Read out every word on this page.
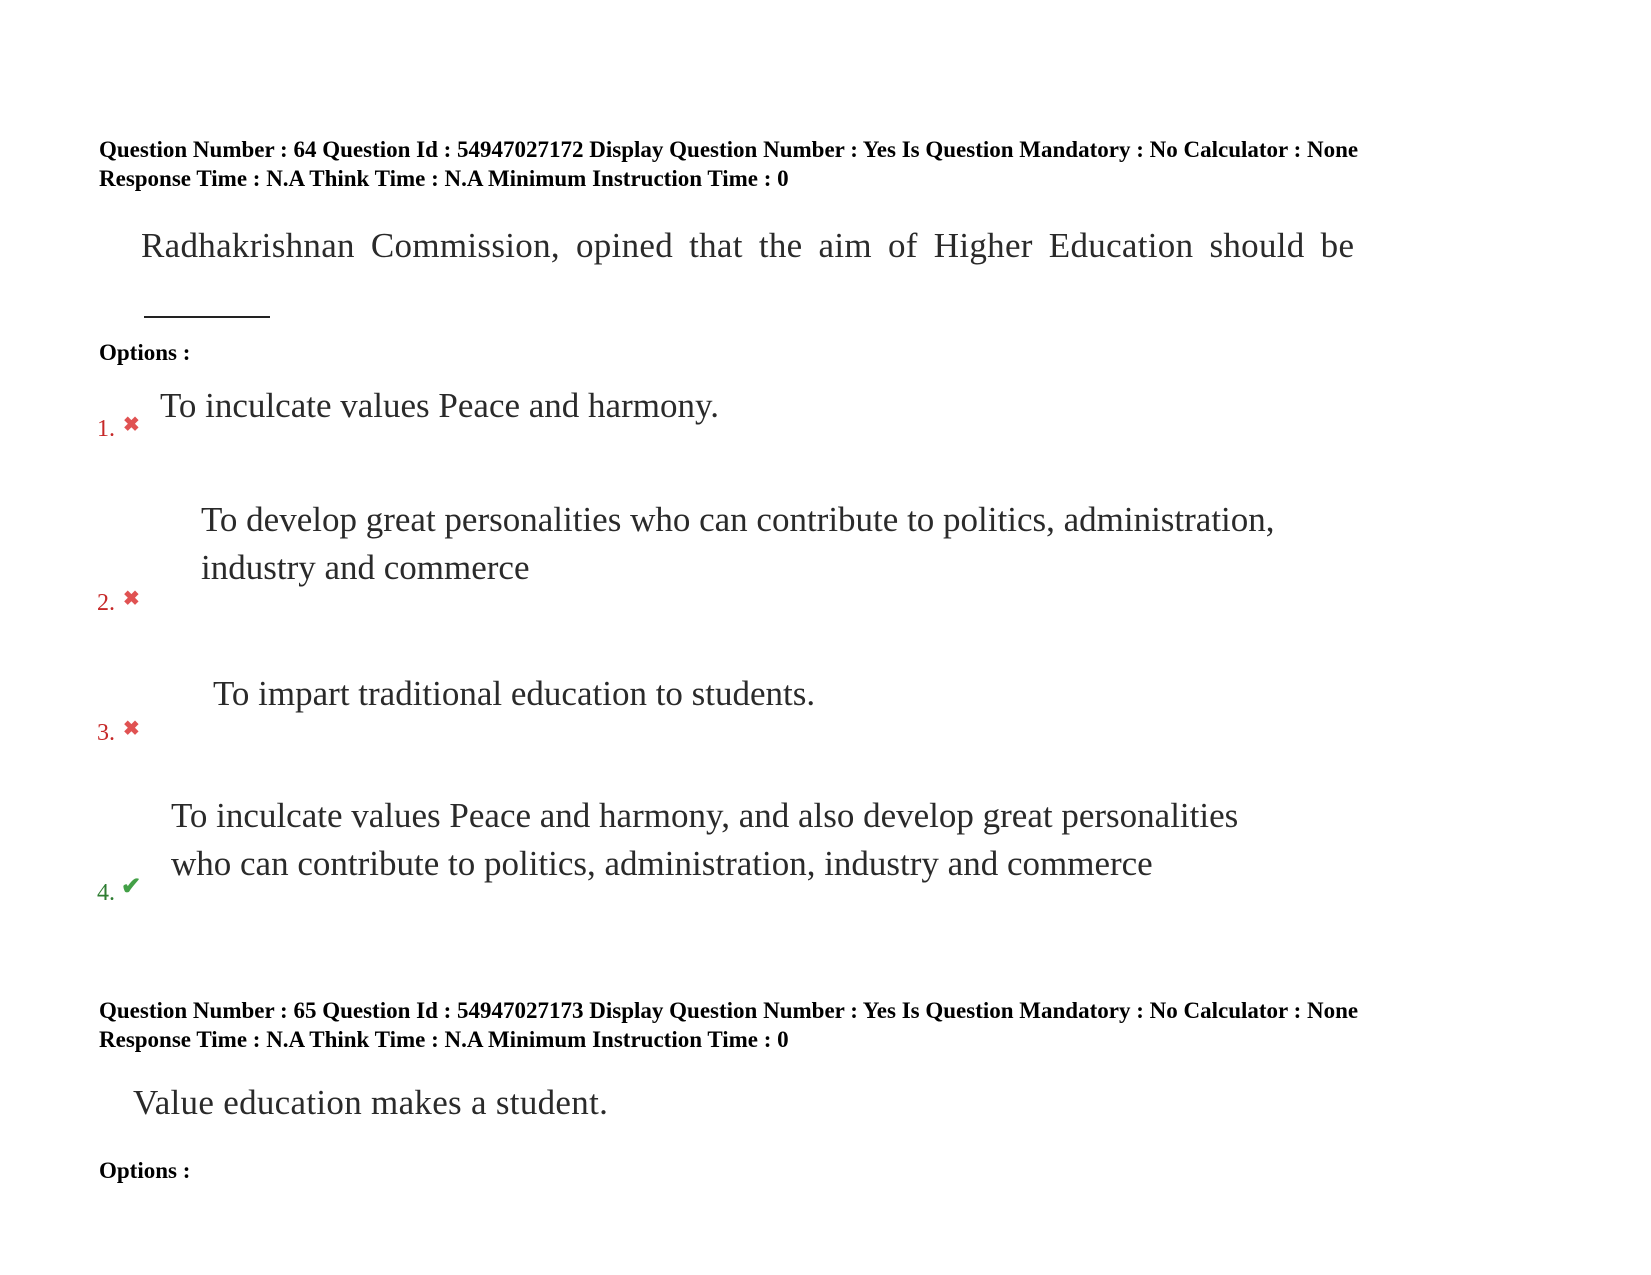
Question Number : 64 Question Id : 54947027172 Display Question Number : Yes Is Question Mandatory : No Calculator : None
Response Time : N.A Think Time : N.A Minimum Instruction Time : 0
Radhakrishnan Commission, opined that the aim of Higher Education should be
Options :
1. ✖ To inculcate values Peace and harmony.
2. ✖
To develop great personalities who can contribute to politics, administration,
industry and commerce
3. ✖
To impart traditional education to students.
4. ✔
To inculcate values Peace and harmony, and also develop great personalities
who can contribute to politics, administration, industry and commerce
Question Number : 65 Question Id : 54947027173 Display Question Number : Yes Is Question Mandatory : No Calculator : None
Response Time : N.A Think Time : N.A Minimum Instruction Time : 0
Value education makes a student.
Options :
